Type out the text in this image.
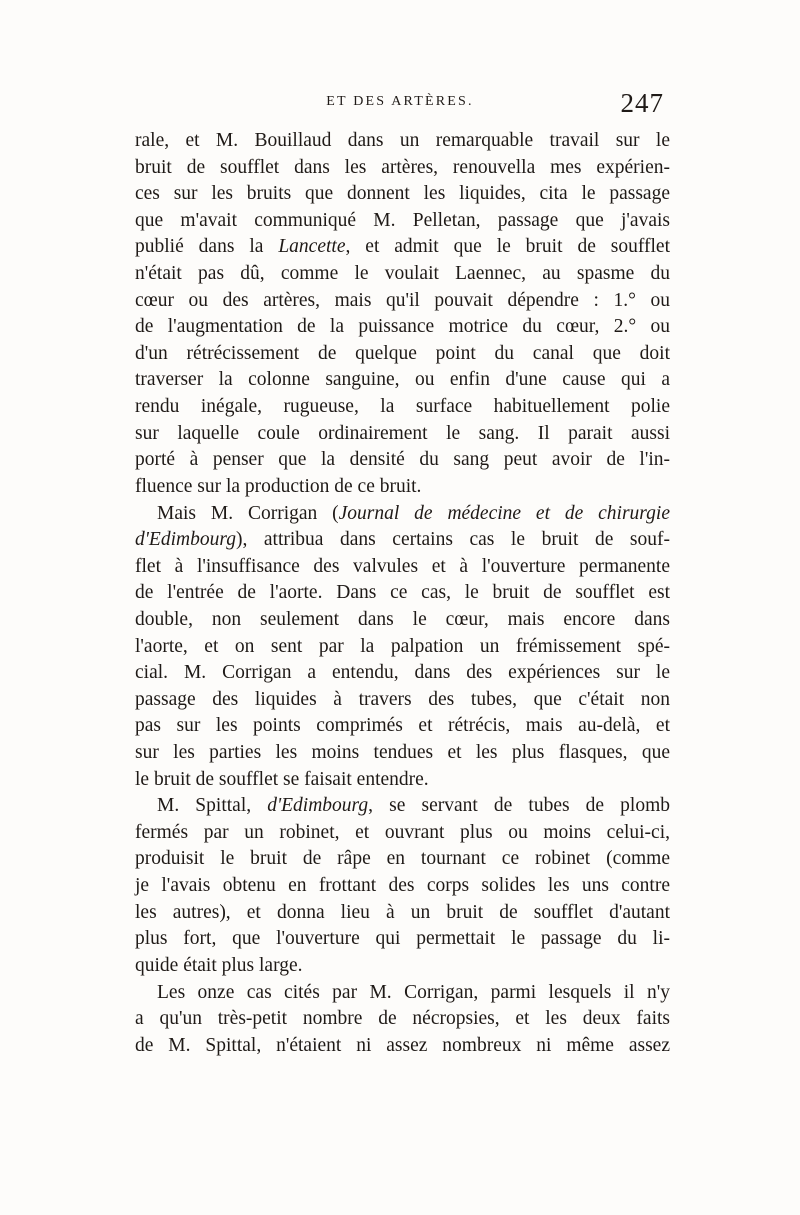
ET DES ARTÈRES.	247
rale, et M. Bouillaud dans un remarquable travail sur le
bruit de soufflet dans les artères, renouvella mes expérien-
ces sur les bruits que donnent les liquides, cita le passage
que m'avait communiqué M. Pelletan, passage que j'avais
publié dans la Lancette, et admit que le bruit de soufflet
n'était pas dû, comme le voulait Laennec, au spasme du
cœur ou des artères, mais qu'il pouvait dépendre : 1.° ou
de l'augmentation de la puissance motrice du cœur, 2.° ou
d'un rétrécissement de quelque point du canal que doit
traverser la colonne sanguine, ou enfin d'une cause qui a
rendu inégale, rugueuse, la surface habituellement polie
sur laquelle coule ordinairement le sang. Il parait aussi
porté à penser que la densité du sang peut avoir de l'in-
fluence sur la production de ce bruit.
Mais M. Corrigan (Journal de médecine et de chirurgie
d'Edimbourg), attribua dans certains cas le bruit de souf-
flet à l'insuffisance des valvules et à l'ouverture permanente
de l'entrée de l'aorte. Dans ce cas, le bruit de soufflet est
double, non seulement dans le cœur, mais encore dans
l'aorte, et on sent par la palpation un frémissement spé-
cial. M. Corrigan a entendu, dans des expériences sur le
passage des liquides à travers des tubes, que c'était non
pas sur les points comprimés et rétrécis, mais au-delà, et
sur les parties les moins tendues et les plus flasques, que
le bruit de soufflet se faisait entendre.
M. Spittal, d'Edimbourg, se servant de tubes de plomb
fermés par un robinet, et ouvrant plus ou moins celui-ci,
produisit le bruit de râpe en tournant ce robinet (comme
je l'avais obtenu en frottant des corps solides les uns contre
les autres), et donna lieu à un bruit de soufflet d'autant
plus fort, que l'ouverture qui permettait le passage du li-
quide était plus large.
Les onze cas cités par M. Corrigan, parmi lesquels il n'y
a qu'un très-petit nombre de nécropsies, et les deux faits
de M. Spittal, n'étaient ni assez nombreux ni même assez
